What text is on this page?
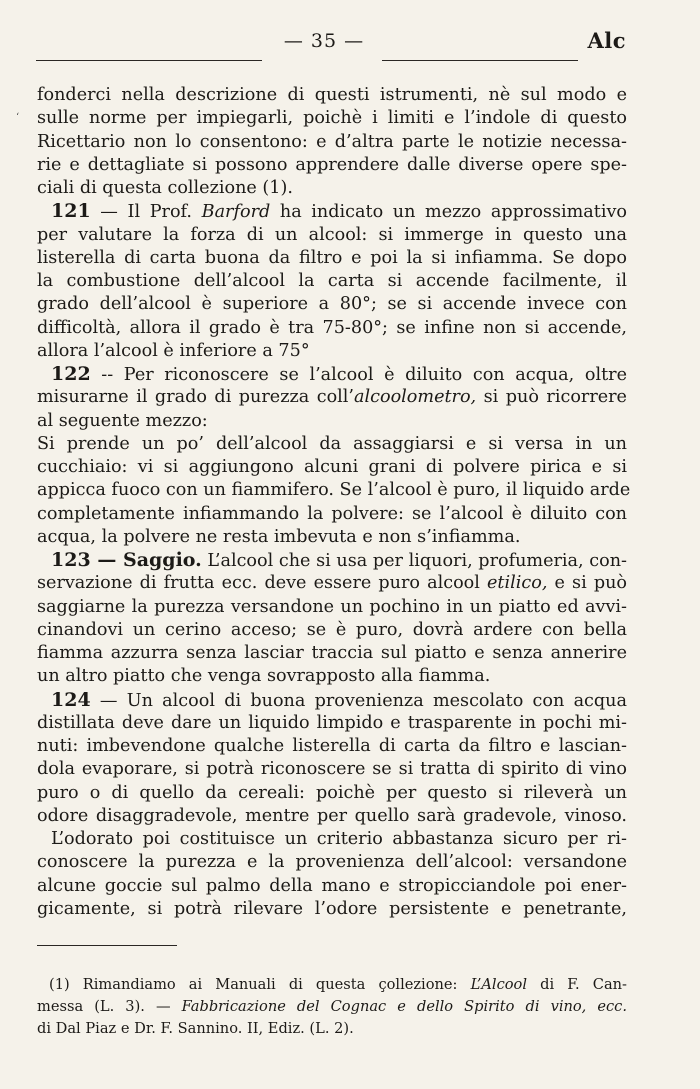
— 35 —	Alc
‘
fonderci nella descrizione di questi istrumenti, nè sul modo e
sulle norme per impiegarli, poichè i limiti e l’indole di questo
Ricettario non lo consentono: e d’altra parte le notizie necessa-
rie e dettagliate si possono apprendere dalle diverse opere spe-
ciali di questa collezione (1).
121 — Il Prof. Barford ha indicato un mezzo approssimativo
per valutare la forza di un alcool: si immerge in questo una
listerella di carta buona da filtro e poi la si infiamma. Se dopo
la combustione dell’alcool la carta si accende facilmente, il
grado dell’alcool è superiore a 80°; se si accende invece con
difficoltà, allora il grado è tra 75-80°; se infine non si accende,
allora l’alcool è inferiore a 75°
122 -- Per riconoscere se l’alcool è diluito con acqua, oltre
misurarne il grado di purezza coll’alcoolometro, si può ricorrere
al seguente mezzo:
Si prende un po’ dell’alcool da assaggiarsi e si versa in un
cucchiaio: vi si aggiungono alcuni grani di polvere pirica e si
appicca fuoco con un fiammifero. Se l’alcool è puro, il liquido arde
completamente infiammando la polvere: se l’alcool è diluito con
acqua, la polvere ne resta imbevuta e non s’infiamma.
123 — Saggio. L’alcool che si usa per liquori, profumeria, con-
servazione di frutta ecc. deve essere puro alcool etilico, e si può
saggiarne la purezza versandone un pochino in un piatto ed avvi-
cinandovi un cerino acceso; se è puro, dovrà ardere con bella
fiamma azzurra senza lasciar traccia sul piatto e senza annerire
un altro piatto che venga sovrapposto alla fiamma.
124 — Un alcool di buona provenienza mescolato con acqua
distillata deve dare un liquido limpido e trasparente in pochi mi-
nuti: imbevendone qualche listerella di carta da filtro e lascian-
dola evaporare, si potrà riconoscere se si tratta di spirito di vino
puro o di quello da cereali: poichè per questo si rileverà un
odore disaggradevole, mentre per quello sarà gradevole, vinoso.
L’odorato poi costituisce un criterio abbastanza sicuro per ri-
conoscere la purezza e la provenienza dell’alcool: versandone
alcune goccie sul palmo della mano e stropicciandole poi ener-
gicamente, si potrà rilevare l’odore persistente e penetrante,
(1) Rimandiamo ai Manuali di questa çollezione: L’Alcool di F. Can-
messa (L. 3). — Fabbricazione del Cognac e dello Spirito di vino, ecc.
di Dal Piaz e Dr. F. Sannino. II, Ediz. (L. 2).
